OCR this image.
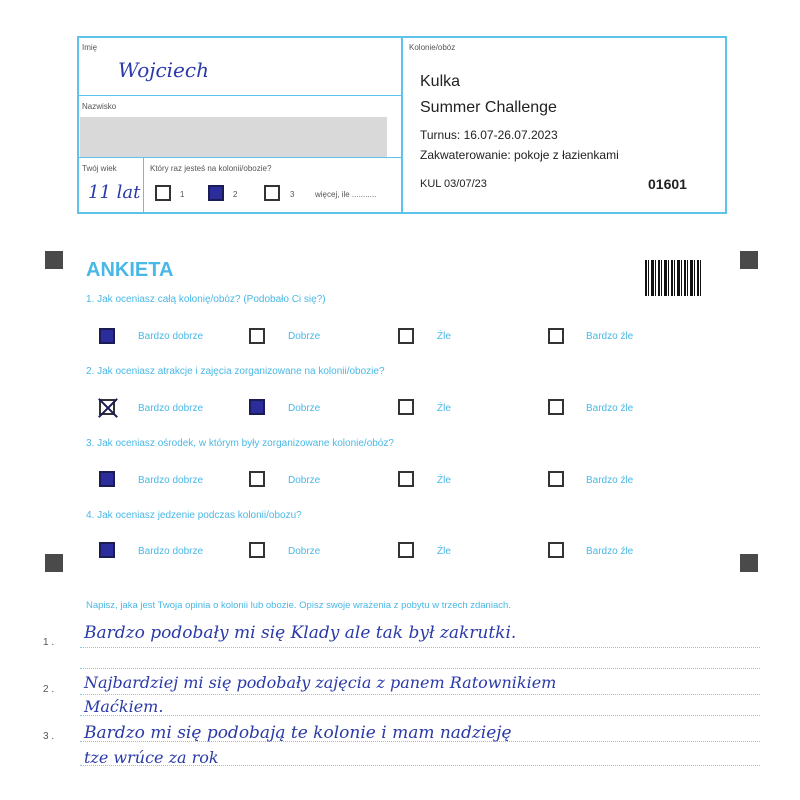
Imię
Wojciech
Nazwisko
Twój wiek
11 lat
Który raz jesteś na kolonii/obozie?
1	2	3	więcej, ile ...........
Kolonie/obóz
Kulka
Summer Challenge
Turnus: 16.07-26.07.2023
Zakwaterowanie: pokoje z łazienkami
KUL 03/07/23	01601
ANKIETA
1. Jak oceniasz całą kolonię/obóz? (Podobało Ci się?)
Bardzo dobrze	Dobrze	Źle	Bardzo źle
2. Jak oceniasz atrakcje i zajęcia zorganizowane na kolonii/obozie?
Bardzo dobrze	Dobrze	Źle	Bardzo źle
3. Jak oceniasz ośrodek, w którym były zorganizowane kolonie/obóz?
Bardzo dobrze	Dobrze	Źle	Bardzo źle
4. Jak oceniasz jedzenie podczas kolonii/obozu?
Bardzo dobrze	Dobrze	Źle	Bardzo źle
Napisz, jaka jest Twoja opinia o kolonii lub obozie. Opisz swoje wrażenia z pobytu w trzech zdaniach.
1 .
2 .
3 .
Bardzo podobały mi się Klady ale tak był zakrutki.
Najbardziej mi się podobały zajęcia z panem Ratownikiem
Maćkiem.
Bardzo mi się podobają te kolonie i mam nadzieję
tze wrúce za rok
